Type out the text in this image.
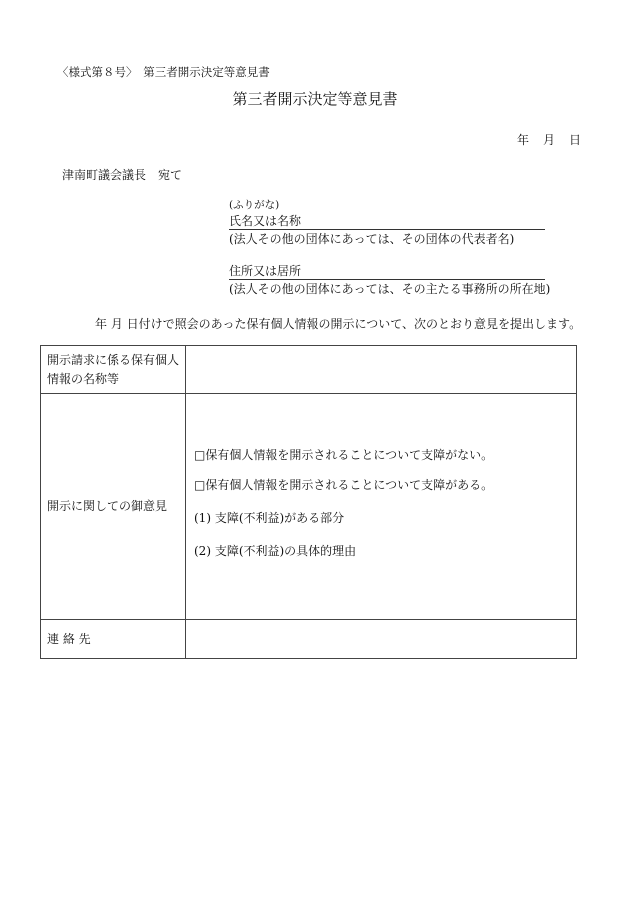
〈様式第８号〉　第三者開示決定等意見書
第三者開示決定等意見書
年 月 日
津南町議会議長　宛て
(ふりがな)
氏名又は名称
(法人その他の団体にあっては、その団体の代表者名)
住所又は居所
(法人その他の団体にあっては、その主たる事務所の所在地)
年 月 日付けで照会のあった保有個人情報の開示について、次のとおり意見を提出します。
開示請求に係る保有個人情報の名称等	
開示に関しての御意見	□保有個人情報を開示されることについて支障がない。
□保有個人情報を開示されることについて支障がある。
(1) 支障(不利益)がある部分
(2) 支障(不利益)の具体的理由

連 絡 先	
